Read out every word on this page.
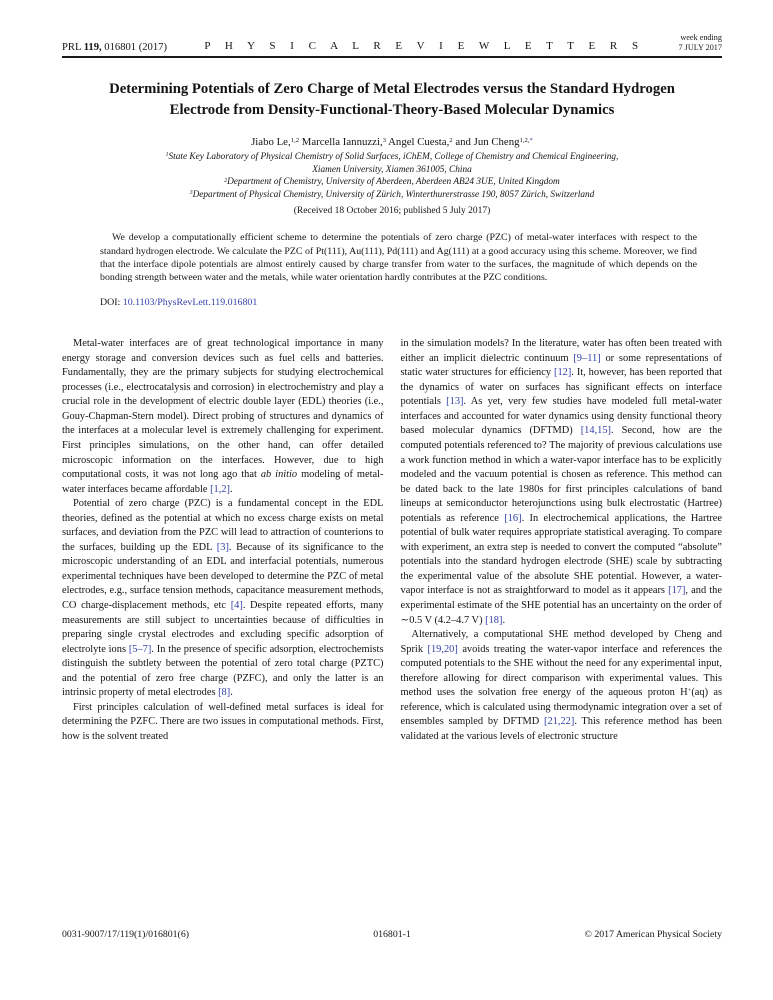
PRL 119, 016801 (2017)	P H Y S I C A L R E V I E W L E T T E R S
week ending
7 JULY 2017
Determining Potentials of Zero Charge of Metal Electrodes versus the Standard Hydrogen
Electrode from Density-Functional-Theory-Based Molecular Dynamics
Jiabo Le,$^{1,2}$ Marcella Iannuzzi,$^3$ Angel Cuesta,$^2$ and Jun Cheng$^{1,2,*}$
$^1$State Key Laboratory of Physical Chemistry of Solid Surfaces, iChEM, College of Chemistry and Chemical Engineering,
Xiamen University, Xiamen 361005, China
$^2$Department of Chemistry, University of Aberdeen, Aberdeen AB24 3UE, United Kingdom
$^3$Department of Physical Chemistry, University of Zürich, Winterthurerstrasse 190, 8057 Zürich, Switzerland
(Received 18 October 2016; published 5 July 2017)
We develop a computationally efficient scheme to determine the potentials of zero charge (PZC) of metal-water interfaces with respect to the standard hydrogen electrode. We calculate the PZC of Pt(111), Au(111), Pd(111) and Ag(111) at a good accuracy using this scheme. Moreover, we find that the interface dipole potentials are almost entirely caused by charge transfer from water to the surfaces, the magnitude of which depends on the bonding strength between water and the metals, while water orientation hardly contributes at the PZC conditions.
DOI: 10.1103/PhysRevLett.119.016801

Metal-water interfaces are of great technological importance in many energy storage and conversion devices such as fuel cells and batteries. Fundamentally, they are the primary subjects for studying electrochemical processes (i.e., electrocatalysis and corrosion) in electrochemistry and play a crucial role in the development of electric double layer (EDL) theories (i.e., Gouy-Chapman-Stern model). Direct probing of structures and dynamics of the interfaces at a molecular level is extremely challenging for experiment. First principles simulations, on the other hand, can offer detailed microscopic information on the interfaces. However, due to high computational costs, it was not long ago that ab initio modeling of metal-water interfaces became affordable [1,2].

Potential of zero charge (PZC) is a fundamental concept in the EDL theories, defined as the potential at which no excess charge exists on metal surfaces, and deviation from the PZC will lead to attraction of counterions to the surfaces, building up the EDL [3]. Because of its significance to the microscopic understanding of an EDL and interfacial potentials, numerous experimental techniques have been developed to determine the PZC of metal electrodes, e.g., surface tension methods, capacitance measurement methods, CO charge-displacement methods, etc [4]. Despite repeated efforts, many measurements are still subject to uncertainties because of difficulties in preparing single crystal electrodes and excluding specific adsorption of electrolyte ions [5–7]. In the presence of specific adsorption, electrochemists distinguish the subtlety between the potential of zero total charge (PZTC) and the potential of zero free charge (PZFC), and only the latter is an intrinsic property of metal electrodes [8].

First principles calculation of well-defined metal surfaces is ideal for determining the PZFC. There are two issues in computational methods. First, how is the solvent treated

in the simulation models? In the literature, water has often been treated with either an implicit dielectric continuum [9–11] or some representations of static water structures for efficiency [12]. It, however, has been reported that the dynamics of water on surfaces has significant effects on interface potentials [13]. As yet, very few studies have modeled full metal-water interfaces and accounted for water dynamics using density functional theory based molecular dynamics (DFTMD) [14,15]. Second, how are the computed potentials referenced to? The majority of previous calculations use a work function method in which a water-vapor interface has to be explicitly modeled and the vacuum potential is chosen as reference. This method can be dated back to the late 1980s for first principles calculations of band lineups at semiconductor heterojunctions using bulk electrostatic (Hartree) potentials as reference [16]. In electrochemical applications, the Hartree potential of bulk water requires appropriate statistical averaging. To compare with experiment, an extra step is needed to convert the computed “absolute” potentials into the standard hydrogen electrode (SHE) scale by subtracting the experimental value of the absolute SHE potential. However, a water-vapor interface is not as straightforward to model as it appears [17], and the experimental estimate of the SHE potential has an uncertainty on the order of ∼0.5 V (4.2–4.7 V) [18].

Alternatively, a computational SHE method developed by Cheng and Sprik [19,20] avoids treating the water-vapor interface and references the computed potentials to the SHE without the need for any experimental input, therefore allowing for direct comparison with experimental values. This method uses the solvation free energy of the aqueous proton H+(aq) as reference, which is calculated using thermodynamic integration over a set of ensembles sampled by DFTMD [21,22]. This reference method has been validated at the various levels of electronic structure

0031-9007/17/119(1)/016801(6)	016801-1	© 2017 American Physical Society
